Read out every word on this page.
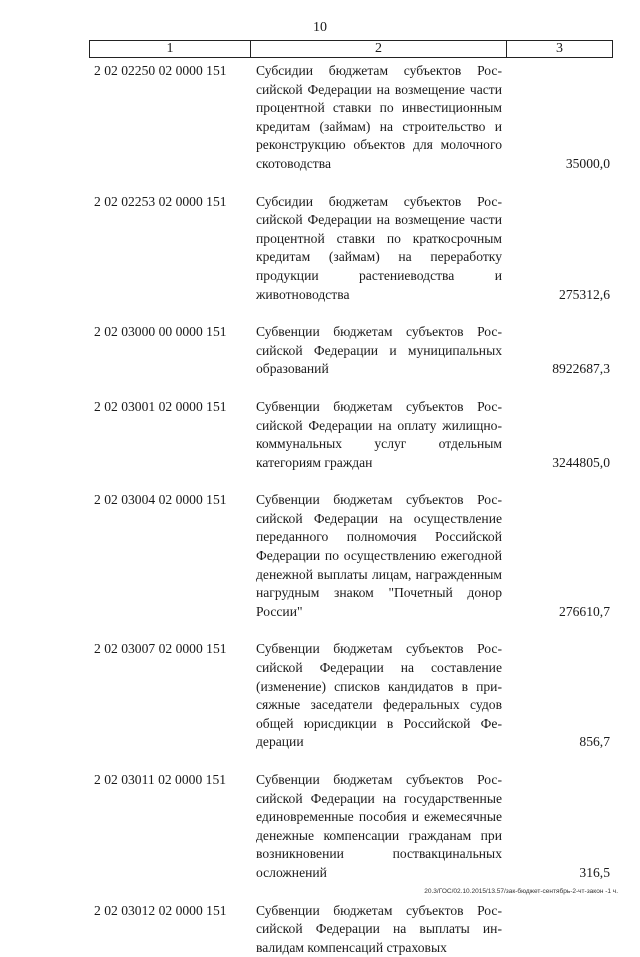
10
1	2	3
2 02 02250 02 0000 151 Субсидии бюджетам субъектов Российской Федерации на возмещение части процентной ставки по инвестиционным кредитам (займам) на строительство и реконструкцию объектов для молочного скотоводства	35000,0
2 02 02253 02 0000 151 Субсидии бюджетам субъектов Российской Федерации на возмещение части процентной ставки по краткосрочным кредитам (займам) на переработку продукции растениеводства и животноводства	275312,6
2 02 03000 00 0000 151 Субвенции бюджетам субъектов Российской Федерации и муниципальных образований	8922687,3
2 02 03001 02 0000 151 Субвенции бюджетам субъектов Российской Федерации на оплату жилищно-коммунальных услуг отдельным категориям граждан	3244805,0
2 02 03004 02 0000 151 Субвенции бюджетам субъектов Российской Федерации на осуществление переданного полномочия Российской Федерации по осуществлению ежегодной денежной выплаты лицам, награжденным нагрудным знаком "Почетный донор России"	276610,7
2 02 03007 02 0000 151 Субвенции бюджетам субъектов Российской Федерации на составление (изменение) списков кандидатов в присяжные заседатели федеральных судов общей юрисдикции в Российской Федерации	856,7
2 02 03011 02 0000 151 Субвенции бюджетам субъектов Российской Федерации на государственные единовременные пособия и ежемесячные денежные компенсации гражданам при возникновении поствакцинальных осложнений	316,5
2 02 03012 02 0000 151 Субвенции бюджетам субъектов Российской Федерации на выплаты инвалидам компенсаций страховых
20.3/ГОС/02.10.2015/13.57/зак-бюджет-сентябрь-2-чт-закон -1 ч.
